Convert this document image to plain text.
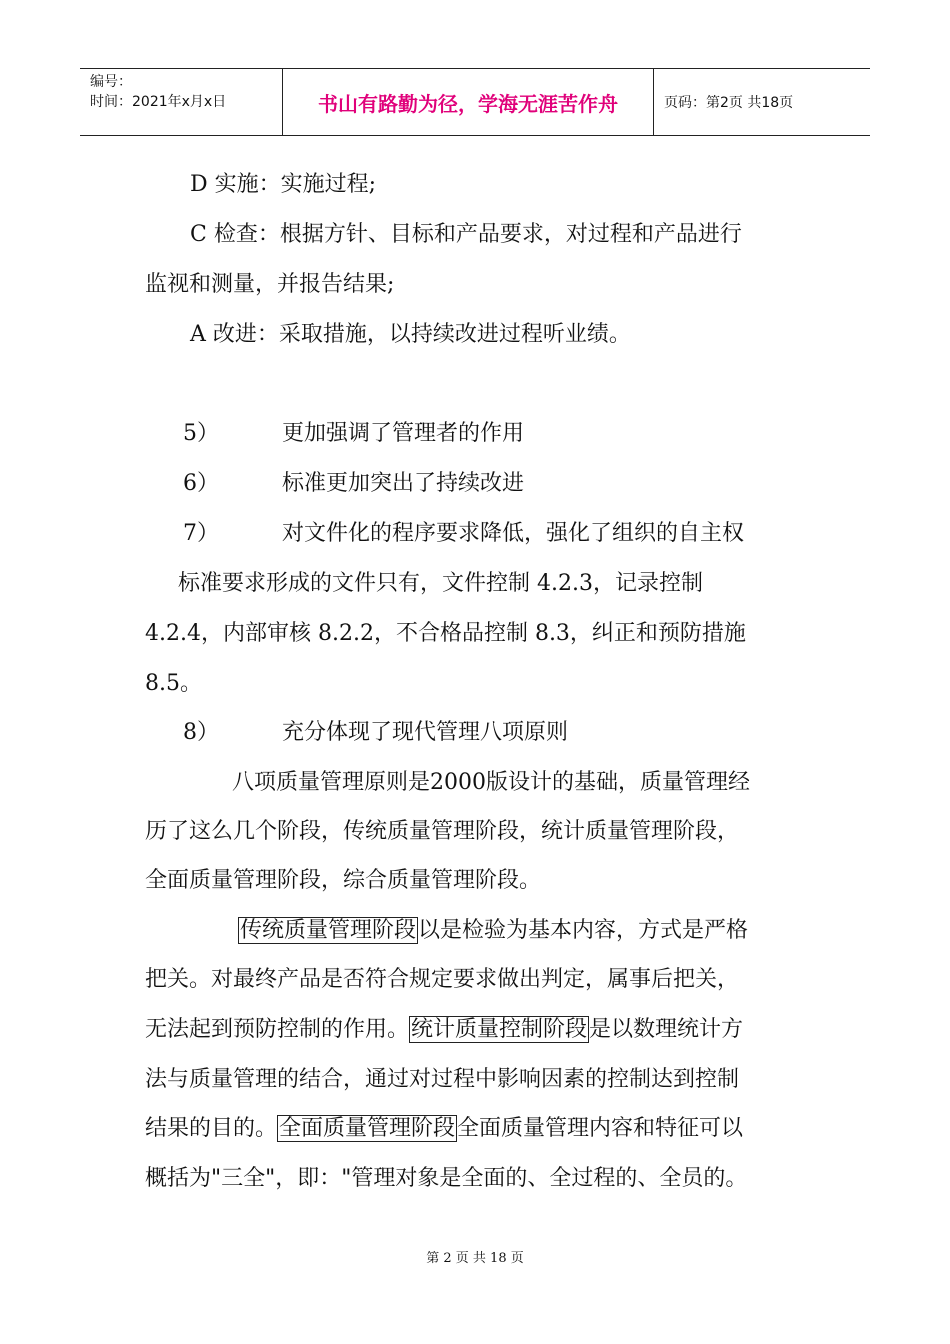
编号：
时间：2021年x月x日	书山有路勤为径，学海无涯苦作舟	页码：第2页 共18页
D 实施：实施过程;
C 检查：根据方针、目标和产品要求，对过程和产品进行
监视和测量，并报告结果;
A 改进：采取措施，以持续改进过程听业绩。
5）	更加强调了管理者的作用
6）	标准更加突出了持续改进
7）	对文件化的程序要求降低，强化了组织的自主权
标准要求形成的文件只有，文件控制 4.2.3，记录控制
4.2.4，内部审核 8.2.2，不合格品控制 8.3，纠正和预防措施
8.5。
8）	充分体现了现代管理八项原则
八项质量管理原则是2000版设计的基础，质量管理经
历了这么几个阶段，传统质量管理阶段，统计质量管理阶段，
全面质量管理阶段，综合质量管理阶段。
传统质量管理阶段以是检验为基本内容，方式是严格
把关。对最终产品是否符合规定要求做出判定，属事后把关，
无法起到预防控制的作用。统计质量控制阶段是以数理统计方
法与质量管理的结合，通过对过程中影响因素的控制达到控制
结果的目的。全面质量管理阶段全面质量管理内容和特征可以
概括为"三全"，即："管理对象是全面的、全过程的、全员的。
第 2 页 共 18 页
